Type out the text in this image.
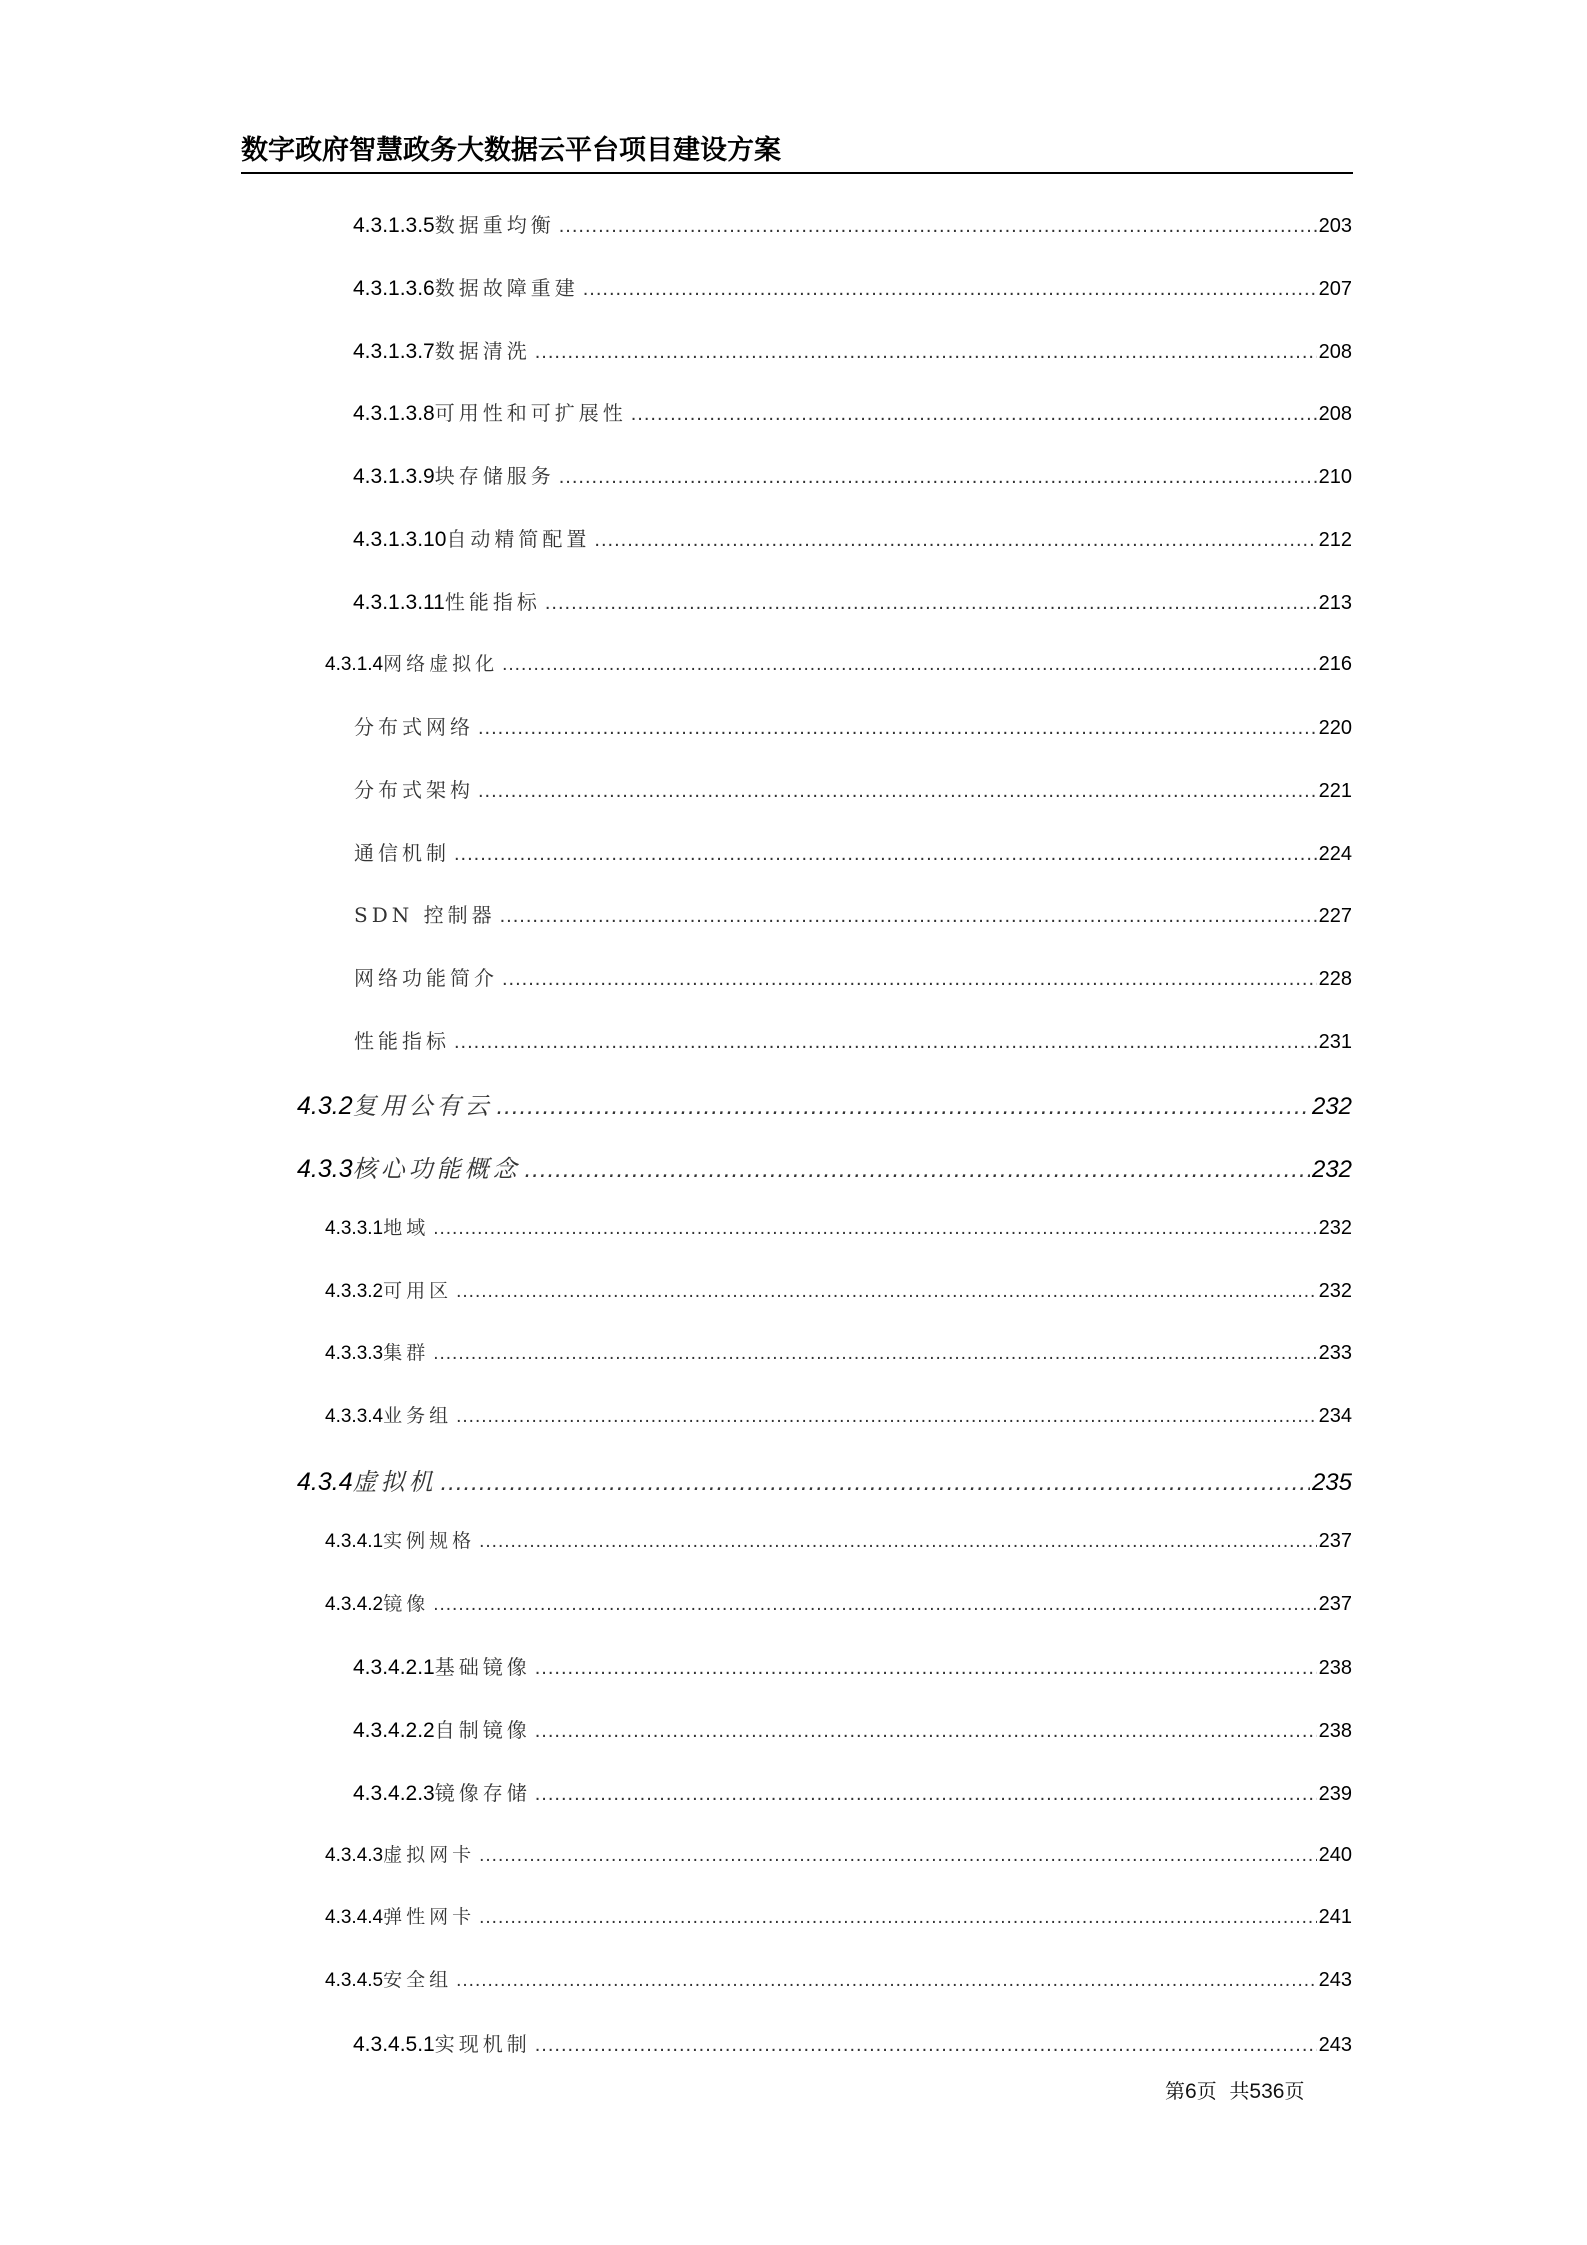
数字政府智慧政务大数据云平台项目建设方案
4.3.1.3.5 数据重均衡 .....	203
4.3.1.3.6 数据故障重建 .....	207
4.3.1.3.7 数据清洗 .....	208
4.3.1.3.8 可用性和可扩展性 .....	208
4.3.1.3.9 块存储服务 .....	210
4.3.1.3.10 自动精简配置 .....	212
4.3.1.3.11 性能指标 .....	213
4.3.1.4 网络虚拟化 .....	216
分布式网络 .....	220
分布式架构 .....	221
通信机制 .....	224
SDN 控制器 .....	227
网络功能简介 .....	228
性能指标 .....	231
4.3.2 复用公有云 .....	232
4.3.3 核心功能概念 .....	232
4.3.3.1 地域 .....	232
4.3.3.2 可用区 .....	232
4.3.3.3 集群 .....	233
4.3.3.4 业务组 .....	234
4.3.4 虚拟机 .....	235
4.3.4.1 实例规格 .....	237
4.3.4.2 镜像 .....	237
4.3.4.2.1 基础镜像 .....	238
4.3.4.2.2 自制镜像 .....	238
4.3.4.2.3 镜像存储 .....	239
4.3.4.3 虚拟网卡 .....	240
4.3.4.4 弹性网卡 .....	241
4.3.4.5 安全组 .....	243
4.3.4.5.1 实现机制 .....	243
第6页 共536页
